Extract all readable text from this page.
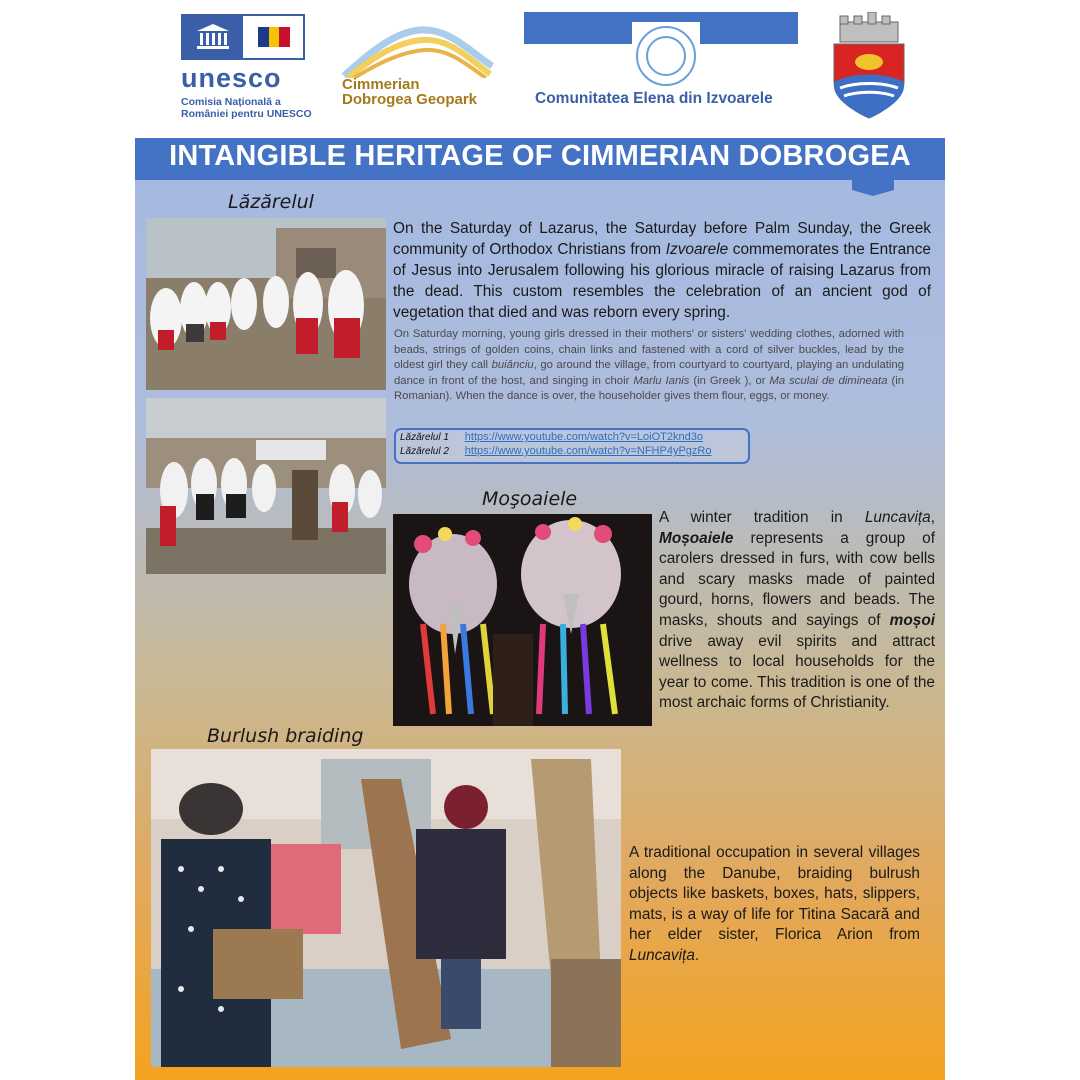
unesco
Comisia Națională a
României pentru UNESCO
Cimmerian
Dobrogea Geopark	Comunitatea Elena din Izvoarele
INTANGIBLE HERITAGE OF CIMMERIAN DOBROGEA
Lăzărelul
On the Saturday of Lazarus, the Saturday before Palm Sunday, the Greek community of Orthodox Christians from Izvoarele commemorates the Entrance of Jesus into Jerusalem following his glorious miracle of raising Lazarus from the dead. This custom resembles the celebration of an ancient god of vegetation that died and was reborn every spring.
On Saturday morning, young girls dressed in their mothers' or sisters' wedding clothes, adorned with beads, strings of golden coins, chain links and fastened with a cord of silver buckles, lead by the oldest girl they call buiânciu, go around the village, from courtyard to courtyard, playing an undulating dance in front of the host, and singing in choir Marlu Ianis (in Greek ), or Ma sculai de dimineata (in Romanian). When the dance is over, the householder gives them flour, eggs, or money.
Lăzărelul 1 https://www.youtube.com/watch?v=LoiOT2knd3o
Lăzărelul 2 https://www.youtube.com/watch?v=NFHP4yPgzRo
Moşoaiele
A winter tradition in Luncavița, Moșoaiele represents a group of carolers dressed in furs, with cow bells and scary masks made of painted gourd, horns, flowers and beads. The masks, shouts and sayings of moșoi drive away evil spirits and attract wellness to local households for the year to come. This tradition is one of the most archaic forms of Christianity.
Burlush braiding
A traditional occupation in several villages along the Danube, braiding bulrush objects like baskets, boxes, hats, slippers, mats, is a way of life for Titina Sacară and her elder sister, Florica Arion from Luncavița.
